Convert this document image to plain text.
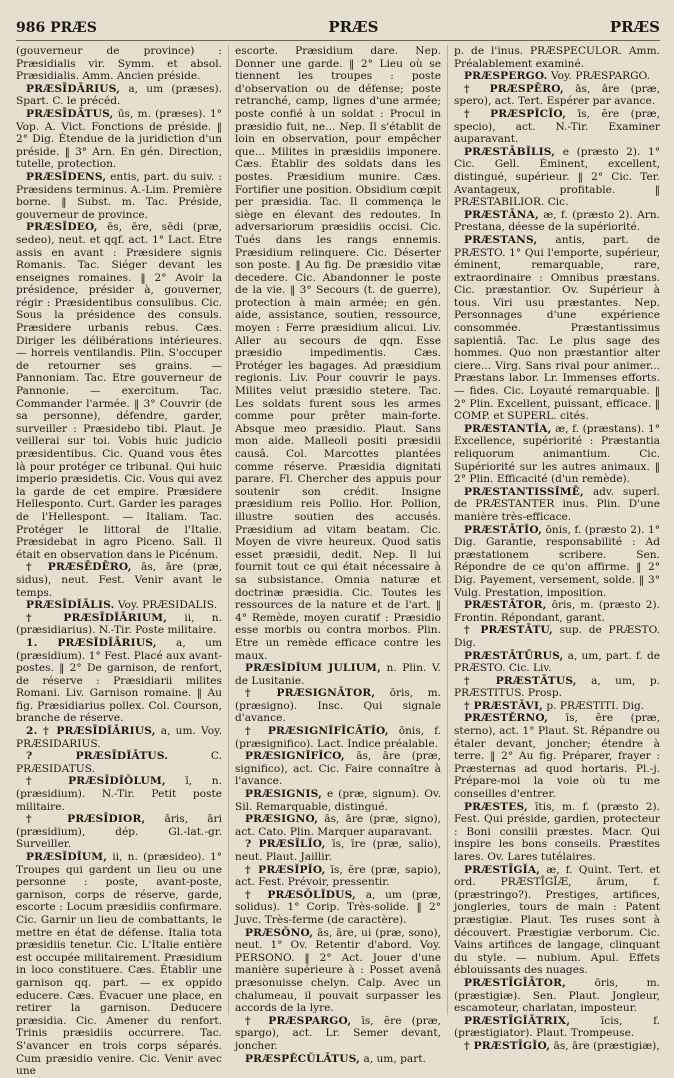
986 PRÆS	PRÆS	PRÆS

(gouverneur de province) : Præsidialis vir. Symm. et absol. Præsidialis. Amm. Ancien préside.

PRÆSĪDĀRIUS, a, um (præses). Spart. C. le précéd.

PRÆSĪDĀTUS, ūs, m. (præses). 1° Vop. A. Vict. Fonctions de préside. ‖ 2° Dig. Étendue de la juridiction d'un préside. ‖ 3° Arn. En gén. Direction, tutelle, protection.

PRÆSĬDENS, entis, part. du suiv. : Præsidens terminus. A.-Lim. Première borne. ‖ Subst. m. Tac. Préside, gouverneur de province.

PRÆSĬDEO, ēs, ēre, sēdi (præ, sedeo), neut. et qqf. act. 1° Lact. Etre assis en avant : Præsidere signis Romanis. Tac. Siéger devant les enseignes romaines. ‖ 2° Avoir la présidence, présider à, gouverner, régir : Præsidentibus consulibus. Cic. Sous la présidence des consuls. Præsidere urbanis rebus. Cæs. Diriger les délibérations intérieures. — horreis ventilandis. Plin. S'occuper de retourner ses grains. — Pannoniam. Tac. Etre gouverneur de Pannonie. — exercitum. Tac. Commander l'armée. ‖ 3° Couvrir (de sa personne), défendre, garder, surveiller : Præsidebo tibi. Plaut. Je veillerai sur toi. Vobis huic judicio præsidentibus. Cic. Quand vous êtes là pour protéger ce tribunal. Qui huic imperio præsidetis. Cic. Vous qui avez la garde de cet empire. Præsidere Hellesponto. Curt. Garder les parages de l'Hellespont. — Italiam. Tac. Protéger le littoral de l'Italie. Præsidebat in agro Piceno. Sall. Il était en observation dans le Picénum.

† PRÆSĒDĒRO, ās, āre (præ, sidus), neut. Fest. Venir avant le temps.

PRÆSĪDĬĀLIS. Voy. PRÆSIDALIS.

† PRÆSĪDĬĀRIUM, ii, n. (præsidiarius). N.-Tir. Poste militaire.

1. PRÆSĬDĬĀRIUS, a, um (præsidium). 1° Fest. Placé aux avant-postes. ‖ 2° De garnison, de renfort, de réserve : Præsidiarii milites Romani. Liv. Garnison romaine. ‖ Au fig. Præsidiarius pollex. Col. Courson, branche de réserve.

2. † PRÆSĪDĬĀRIUS, a, um. Voy. PRÆSIDARIUS.

? PRÆSĪDĬĀTUS.	C. PRÆSIDATUS.

† PRÆSĪDĬŎLUM, ī, n. (præsidium). N.-Tir. Petit poste militaire.

† PRÆSĪDIOR, āris, āri (præsidium), dép. Gl.-lat.-gr. Surveiller.

PRÆSĬDĬUM, ii, n. (præsideo). 1° Troupes qui gardent un lieu ou une personne : poste, avant-poste, garnison, corps de réserve, garde, escorte : Locum præsidiis confirmare. Cic. Garnir un lieu de combattants, le mettre en état de défense. Italia tota præsidiis tenetur. Cic. L'Italie entière est occupée militairement. Præsidium in loco constituere. Cæs. Établir une garnison qq. part. — ex oppido educere. Cæs. Évacuer une place, en retirer la garnison. Deducere præsidia. Cic. Amener du renfort. Trinis præsidiis occurrere. Tac. S'avancer en trois corps séparés. Cum præsidio venire. Cic. Venir avec une

escorte. Præsidium dare. Nep. Donner une garde. ‖ 2° Lieu où se tiennent les troupes : poste d'observation ou de défense; poste retranché, camp, lignes d'une armée; poste confié à un soldat : Procul in præsidio fuit, ne... Nep. Il s'établit de loin en observation, pour empêcher que... Milites in præsidiis imponere. Cæs. Établir des soldats dans les postes. Præsidium munire. Cæs. Fortifier une position. Obsidium cœpit per præsidia. Tac. Il commença le siège en élevant des redoutes. In adversariorum præsidiis occisi. Cic. Tués dans les rangs ennemis. Præsidium relinquere. Cic. Déserter son poste. ‖ Au fig. De præsidio vitæ decedere. Cic. Abandonner le poste de la vie. ‖ 3° Secours (t. de guerre), protection à main armée; en gén. aide, assistance, soutien, ressource, moyen : Ferre præsidium alicui. Liv. Aller au secours de qqn. Esse præsidio impedimentis. Cæs. Protéger les bagages. Ad præsidium regionis. Liv. Pour couvrir le pays. Milites velut præsidio stetere. Tac. Les soldats furent sous les armes comme pour prêter main-forte. Absque meo præsidio. Plaut. Sans mon aide. Malleoli positi præsidii causâ. Col. Marcottes plantées comme réserve. Præsidia dignitati parare. Fl. Chercher des appuis pour soutenir son crédit. Insigne præsidium reis Pollio. Hor. Pollion, illustre soutien des accusés. Præsidium ad vitam beatam. Cic. Moyen de vivre heureux. Quod satis esset præsidii, dedit. Nep. Il lui fournit tout ce qui était nécessaire à sa subsistance. Omnia naturæ et doctrinæ præsidia. Cic. Toutes les ressources de la nature et de l'art. ‖ 4° Remède, moyen curatif : Præsidio esse morbis ou contra morbos. Plin. Etre un remède efficace contre les maux.

PRÆSĬDĬUM JULIUM, n. Plin. V. de Lusitanie.

† PRÆSIGNĀTOR, ōris, m. (præsigno). Insc. Qui signale d'avance.

† PRÆSIGNĬFĬCĀTĬO, ōnis, f. (præsignifico). Lact. Indice préalable.

PRÆSIGNĬFĬCO, ās, āre (præ, significo), act. Cic. Faire connaître à l'avance.

PRÆSIGNIS, e (præ, signum). Ov. Sil. Remarquable, distingué.

PRÆSIGNO, ās, āre (præ, signo), act. Cato. Plin. Marquer auparavant.

? PRÆSĬLĬO, īs, īre (præ, salio), neut. Plaut. Jaillir.

† PRÆSĬPĬO, īs, ĕre (præ, sapio), act. Fest. Prévoir, pressentir.

† PRÆSŎLĬDUS, a, um (præ, solidus). 1° Corip. Très-solide. ‖ 2° Juvc. Très-ferme (de caractère).

PRÆSŎNO, ās, āre, ui (præ, sono), neut. 1° Ov. Retentir d'abord. Voy. PERSONO. ‖ 2° Act. Jouer d'une manière supérieure à : Posset avenâ præsonuisse chelyn. Calp. Avec un chalumeau, il pouvait surpasser les accords de la lyre.

† PRÆSPARGO, īs, ĕre (præ, spargo), act. Lr. Semer devant, joncher.

PRÆSPĔCŬLĀTUS, a, um, part.

p. de l'inus. PRÆSPECULOR. Amm. Préalablement examiné.

PRÆSPERGO. Voy. PRÆSPARGO.

† PRÆSPĒRO, ās, āre (præ, spero), act. Tert. Espérer par avance.

† PRÆSPĬCĬO, īs, ĕre (præ, specio), act. N.-Tir. Examiner auparavant.

PRÆSTĀBĬLIS, e (præsto 2). 1° Cic. Gell. Éminent, excellent, distingué, supérieur. ‖ 2° Cic. Ter. Avantageux, profitable. ‖ PRÆSTABILIOR. Cic.

PRÆSTĀNA, æ, f. (præsto 2). Arn. Prestana, déesse de la supériorité.

PRÆSTANS, antis, part. de PRÆSTO. 1° Qui l'emporte, supérieur, éminent, remarquable, rare, extraordinaire : Omnibus præstans. Cic. præstantior. Ov. Supérieur à tous. Viri usu præstantes. Nep. Personnages d'une expérience consommée. Præstantissimus sapientiâ. Tac. Le plus sage des hommes. Quo non præstantior alter ciere... Virg. Sans rival pour animer... Præstans labor. Lr. Immenses efforts. — fides. Cic. Loyauté remarquable. ‖ 2° Plin. Excellent, puissant, efficace. ‖ COMP. et SUPERL. cités.

PRÆSTANTĬA, æ, f. (præstans). 1° Excellence, supériorité : Præstantia reliquorum animantium. Cic. Supériorité sur les autres animaux. ‖ 2° Plin. Efficacité (d'un remède).

PRÆSTANTISSĬMĒ, adv. superl. de PRÆSTANTER inus. Plin. D'une manière très-efficace.

PRÆSTĀTĬO, ōnis, f. (præsto 2). 1° Dig. Garantie, responsabilité : Ad præstationem scribere. Sen. Répondre de ce qu'on affirme. ‖ 2° Dig. Payement, versement, solde. ‖ 3° Vulg. Prestation, imposition.

PRÆSTĀTOR, ōris, m. (præsto 2). Frontin. Répondant, garant.

† PRÆSTĀTU, sup. de PRÆSTO. Dig.

PRÆSTĀTŪRUS, a, um, part. f. de PRÆSTO. Cic. Liv.

† PRÆSTĀTUS, a, um, p. PRÆSTITUS. Prosp.

† PRÆSTĀVI, p. PRÆSTITI. Dig.

PRÆSTĔRNO, īs, ĕre (præ, sterno), act. 1° Plaut. St. Répandre ou étaler devant, joncher; étendre à terre. ‖ 2° Au fig. Préparer, frayer : Præsternas ad quod hortaris. Pl.-j. Prépare-moi la voie où tu me conseilles d'entrer.

PRÆSTES, ĭtis, m. f. (præsto 2). Fest. Qui préside, gardien, protecteur : Boni consilii præstes. Macr. Qui inspire les bons conseils. Præstites lares. Ov. Lares tutélaires.

PRÆSTĪGĬA, æ, f. Quint. Tert. et ord. PRÆSTĪGĬÆ, ārum, f. (præstringo?). Prestiges, artifices, jongleries, tours de main : Patent præstigiæ. Plaut. Tes ruses sont à découvert. Præstigiæ verborum. Cic. Vains artifices de langage, clinquant du style. — nubium. Apul. Effets éblouissants des nuages.

PRÆSTĪGĬĀTOR,	ōris, m. (præstigiæ). Sen. Plaut. Jongleur, escamoteur, charlatan, imposteur.

PRÆSTĪGĬĀTRIX,	īcis, f. (præstigiator). Plaut. Trompeuse.

† PRÆSTĪGĬO, ās, āre (præstigiæ),
